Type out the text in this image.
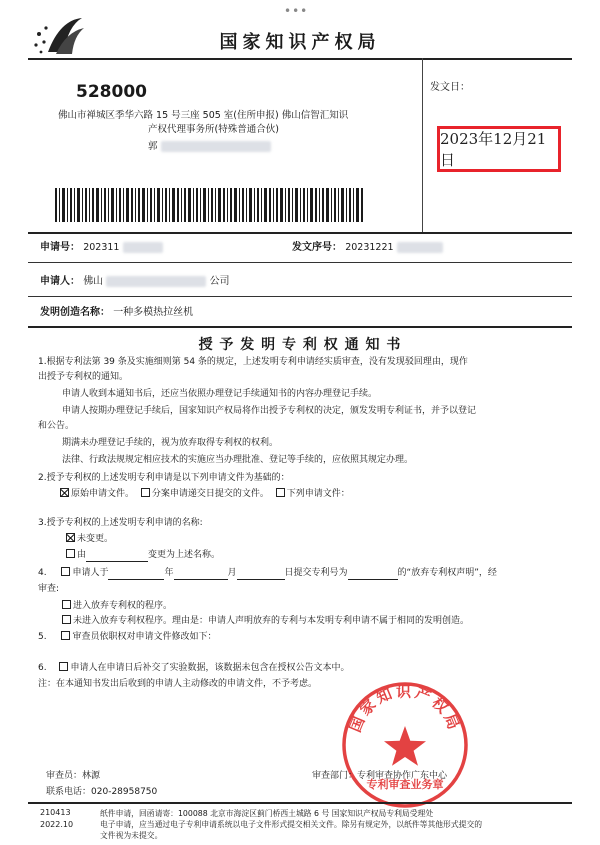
•••
国家知识产权局
发文日：
2023年12月21日
528000
佛山市禅城区季华六路 15 号三座 505 室(住所申报) 佛山信智汇知识
产权代理事务所(特殊普通合伙)
郭
申请号： 202311	发文序号： 20231221
申请人： 佛山	公司
发明创造名称： 一种多模热拉丝机
授 予 发 明 专 利 权 通 知 书
1.根据专利法第 39 条及实施细则第 54 条的规定，上述发明专利申请经实质审查，没有发现驳回理由，现作
出授予专利权的通知。
申请人收到本通知书后，还应当依照办理登记手续通知书的内容办理登记手续。
申请人按期办理登记手续后，国家知识产权局将作出授予专利权的决定，颁发发明专利证书，并予以登记
和公告。
期满未办理登记手续的，视为放弃取得专利权的权利。
法律、行政法规规定相应技术的实施应当办理批准、登记等手续的，应依照其规定办理。
2.授予专利权的上述发明专利申请是以下列申请文件为基础的：
原始申请文件。 分案申请递交日提交的文件。 下列申请文件：
3.授予专利权的上述发明专利申请的名称:
未变更。
由	变更为上述名称。
4.	申请人于	年	月	日提交专利号为	的“放弃专利权声明”，经
审查:
进入放弃专利权的程序。
未进入放弃专利权程序。理由是：申请人声明放弃的专利与本发明专利申请不属于相同的发明创造。
5.	审查员依职权对申请文件修改如下：
6.	申请人在申请日后补交了实验数据，该数据未包含在授权公告文本中。
注：在本通知书发出后收到的申请人主动修改的申请文件，不予考虑。
国家知识产权局
专利审查业务章
审查员：林源
联系电话：020-28958750
审查部门：专利审查协作广东中心
210413
2022.10
纸件申请，回函请寄：100088 北京市海淀区蓟门桥西土城路 6 号 国家知识产权局专利局受理处
电子申请，应当通过电子专利申请系统以电子文件形式提交相关文件。除另有规定外，以纸件等其他形式提交的
文件视为未提交。
